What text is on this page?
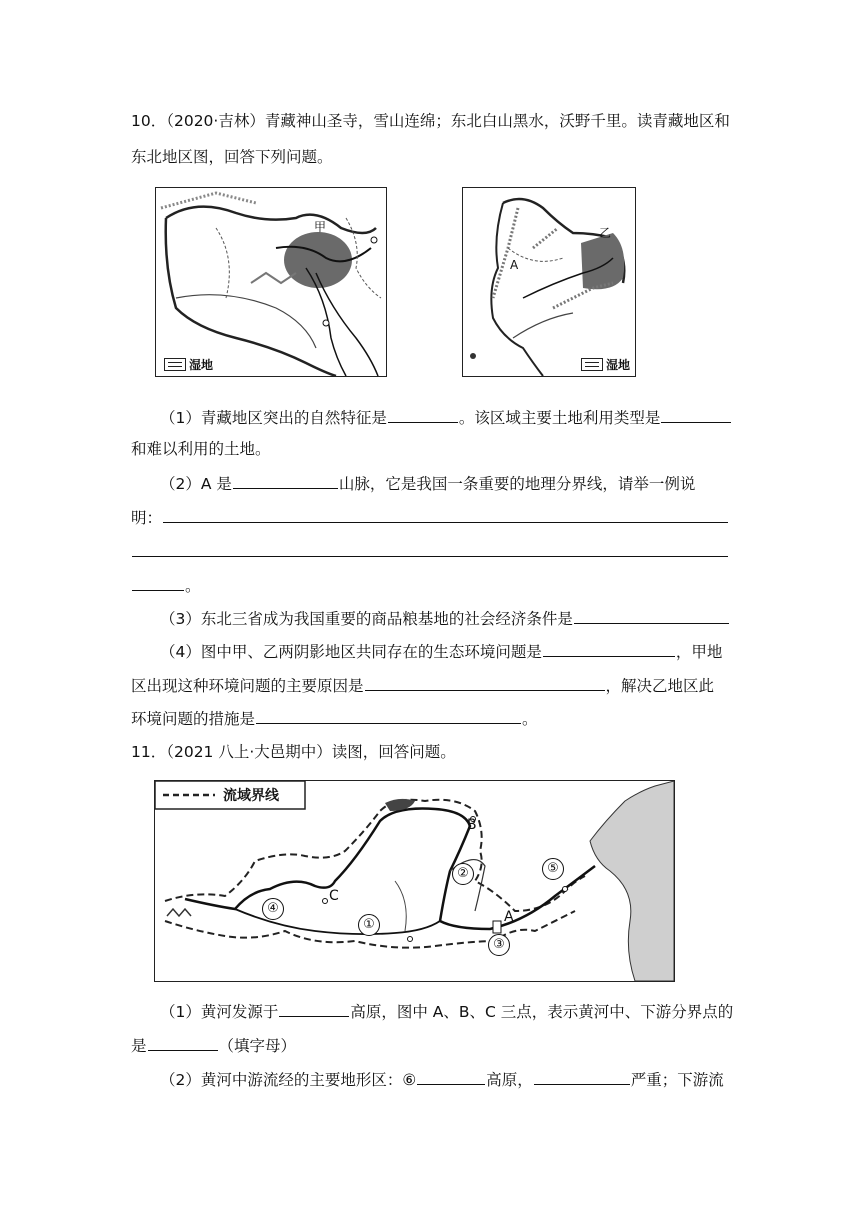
10．（2020·吉林）青藏神山圣寺，雪山连绵；东北白山黑水，沃野千里。读青藏地区和
东北地区图，回答下列问题。
甲
湿地
乙
A
湿地
（1）青藏地区突出的自然特征是	。该区域主要土地利用类型是
和难以利用的土地。
（2）A 是	山脉，它是我国一条重要的地理分界线，请举一例说
明：
。
（3）东北三省成为我国重要的商品粮基地的社会经济条件是
（4）图中甲、乙两阴影地区共同存在的生态环境问题是	，甲地
区出现这种环境问题的主要原因是	，解决乙地区此
环境问题的措施是	。
11．（2021 八上·大邑期中）读图，回答问题。
流域界线
B
C
A
①
②
③
④
⑤
（1）黄河发源于	高原，图中 A、B、C 三点，表示黄河中、下游分界点的
是	（填字母）
（2）黄河中游流经的主要地形区：⑥	高原，	严重；下游流
